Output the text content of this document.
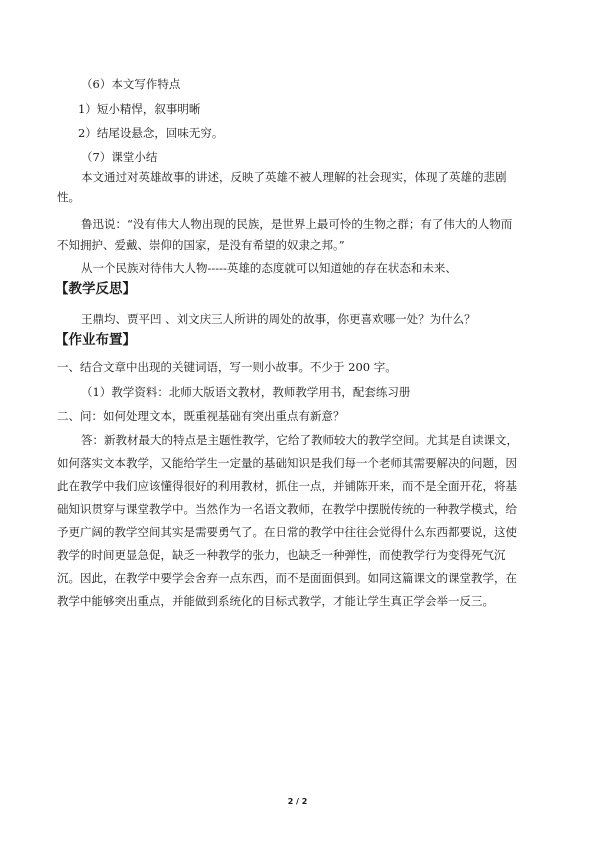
（6）本文写作特点
1）短小精悍，叙事明晰
2）结尾设悬念，回味无穷。
（7）课堂小结
本文通过对英雄故事的讲述，反映了英雄不被人理解的社会现实，体现了英雄的悲剧
性。
鲁迅说：“没有伟大人物出现的民族，是世界上最可怜的生物之群；有了伟大的人物而
不知拥护、爱戴、崇仰的国家，是没有希望的奴隶之邦。”
从一个民族对待伟大人物-----英雄的态度就可以知道她的存在状态和未来、
【教学反思】
王鼎均、贾平凹 、刘文庆三人所讲的周处的故事，你更喜欢哪一处？为什么？
【作业布置】
一、结合文章中出现的关键词语，写一则小故事。不少于 200 字。
（1）教学资料：北师大版语文教材，教师教学用书，配套练习册
二、问：如何处理文本，既重视基础有突出重点有新意？
答：新教材最大的特点是主题性教学，它给了教师较大的教学空间。尤其是自读课文，
如何落实文本教学，又能给学生一定量的基础知识是我们每一个老师其需要解决的问题，因
此在教学中我们应该懂得很好的利用教材，抓住一点，并铺陈开来，而不是全面开花，将基
础知识贯穿与课堂教学中。当然作为一名语文教师，在教学中摆脱传统的一种教学模式，给
予更广阔的教学空间其实是需要勇气了。在日常的教学中往往会觉得什么东西都要说，这使
教学的时间更显急促，缺乏一种教学的张力，也缺乏一种弹性，而使教学行为变得死气沉
沉。因此，在教学中要学会舍弃一点东西，而不是面面俱到。如同这篇课文的课堂教学，在
教学中能够突出重点，并能做到系统化的目标式教学，才能让学生真正学会举一反三。
2 / 2
